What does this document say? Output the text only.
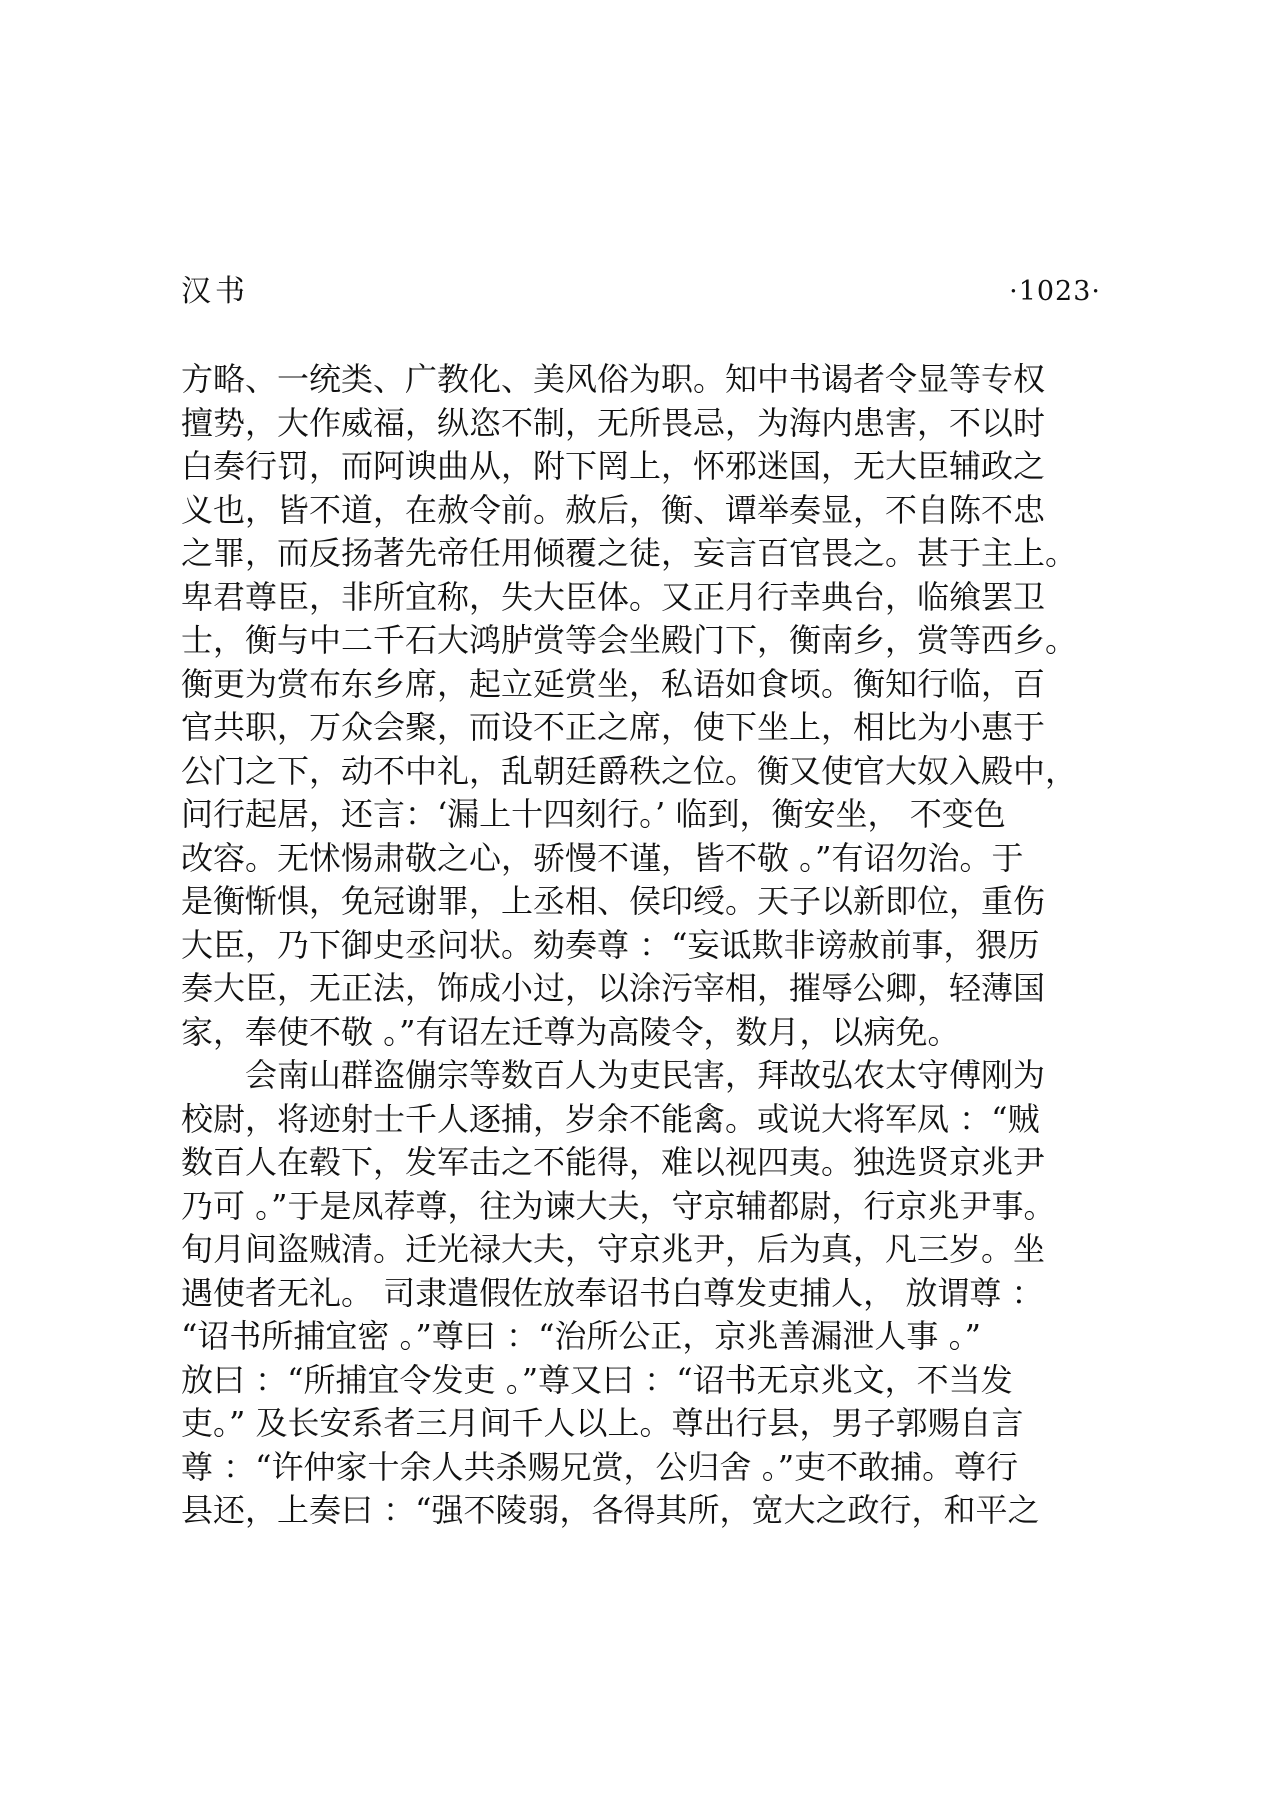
汉书	·1023·
方略、一统类、广教化、美风俗为职。知中书谒者令显等专权
擅势，大作威福，纵恣不制，无所畏忌，为海内患害，不以时
白奏行罚，而阿谀曲从，附下罔上，怀邪迷国，无大臣辅政之
义也，皆不道，在赦令前。赦后，衡、谭举奏显，不自陈不忠
之罪，而反扬著先帝任用倾覆之徒，妄言百官畏之。甚于主上。
卑君尊臣，非所宜称，失大臣体。又正月行幸典台，临飨罢卫
士，衡与中二千石大鸿胪赏等会坐殿门下，衡南乡，赏等西乡。
衡更为赏布东乡席，起立延赏坐，私语如食顷。衡知行临，百
官共职，万众会聚，而设不正之席，使下坐上，相比为小惠于
公门之下，动不中礼，乱朝廷爵秩之位。衡又使官大奴入殿中，
问行起居，还言：‘漏上十四刻行。’ 临到，衡安坐， 不变色
改容。无怵惕肃敬之心，骄慢不谨，皆不敬 。”有诏勿治。于
是衡惭惧，免冠谢罪，上丞相、侯印绶。天子以新即位，重伤
大臣，乃下御史丞问状。劾奏尊 ：“妄诋欺非谤赦前事，猥历
奏大臣，无正法，饰成小过，以涂污宰相，摧辱公卿，轻薄国
家，奉使不敬 。”有诏左迁尊为高陵令，数月，以病免。
　　会南山群盗傰宗等数百人为吏民害，拜故弘农太守傅刚为
校尉，将迹射士千人逐捕，岁余不能禽。或说大将军凤 ：“贼
数百人在毂下，发军击之不能得，难以视四夷。独选贤京兆尹
乃可 。”于是凤荐尊，往为谏大夫，守京辅都尉，行京兆尹事。
旬月间盗贼清。迁光禄大夫，守京兆尹，后为真，凡三岁。坐
遇使者无礼。 司隶遣假佐放奉诏书白尊发吏捕人， 放谓尊 ：
“诏书所捕宜密 。”尊曰 ：“治所公正，京兆善漏泄人事 。”
放曰 ：“所捕宜令发吏 。”尊又曰 ：“诏书无京兆文，不当发
吏。” 及长安系者三月间千人以上。尊出行县，男子郭赐自言
尊 ：“许仲家十余人共杀赐兄赏，公归舍 。”吏不敢捕。尊行
县还，上奏曰 ：“强不陵弱，各得其所，宽大之政行，和平之
